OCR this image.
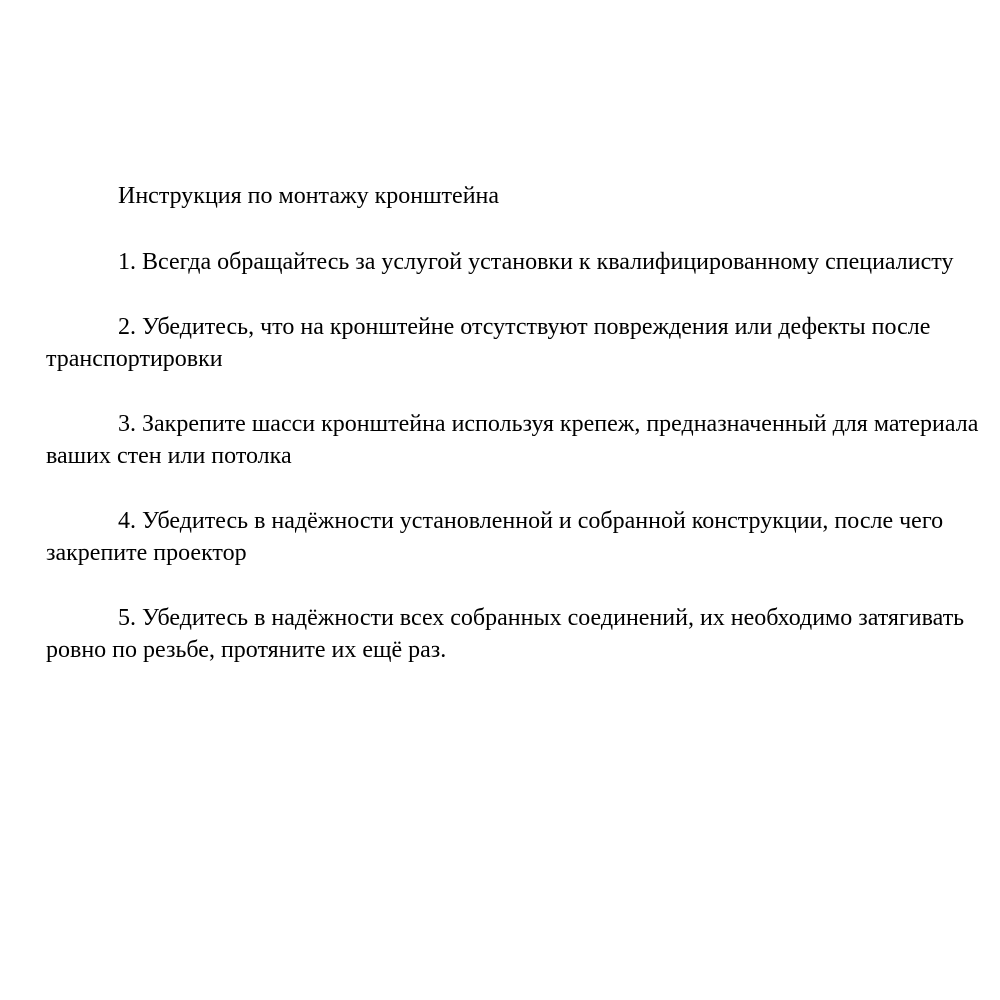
Инструкция по монтажу кронштейна

1. Всегда обращайтесь за услугой установки к квалифицированному специалисту

2. Убедитесь, что на кронштейне отсутствуют повреждения или дефекты после транспортировки

3. Закрепите шасси кронштейна используя крепеж, предназначенный для материала ваших стен или потолка

4. Убедитесь в надёжности установленной и собранной конструкции, после чего закрепите проектор

5. Убедитесь в надёжности всех собранных соединений, их необходимо затягивать ровно по резьбе, протяните их ещё раз.
